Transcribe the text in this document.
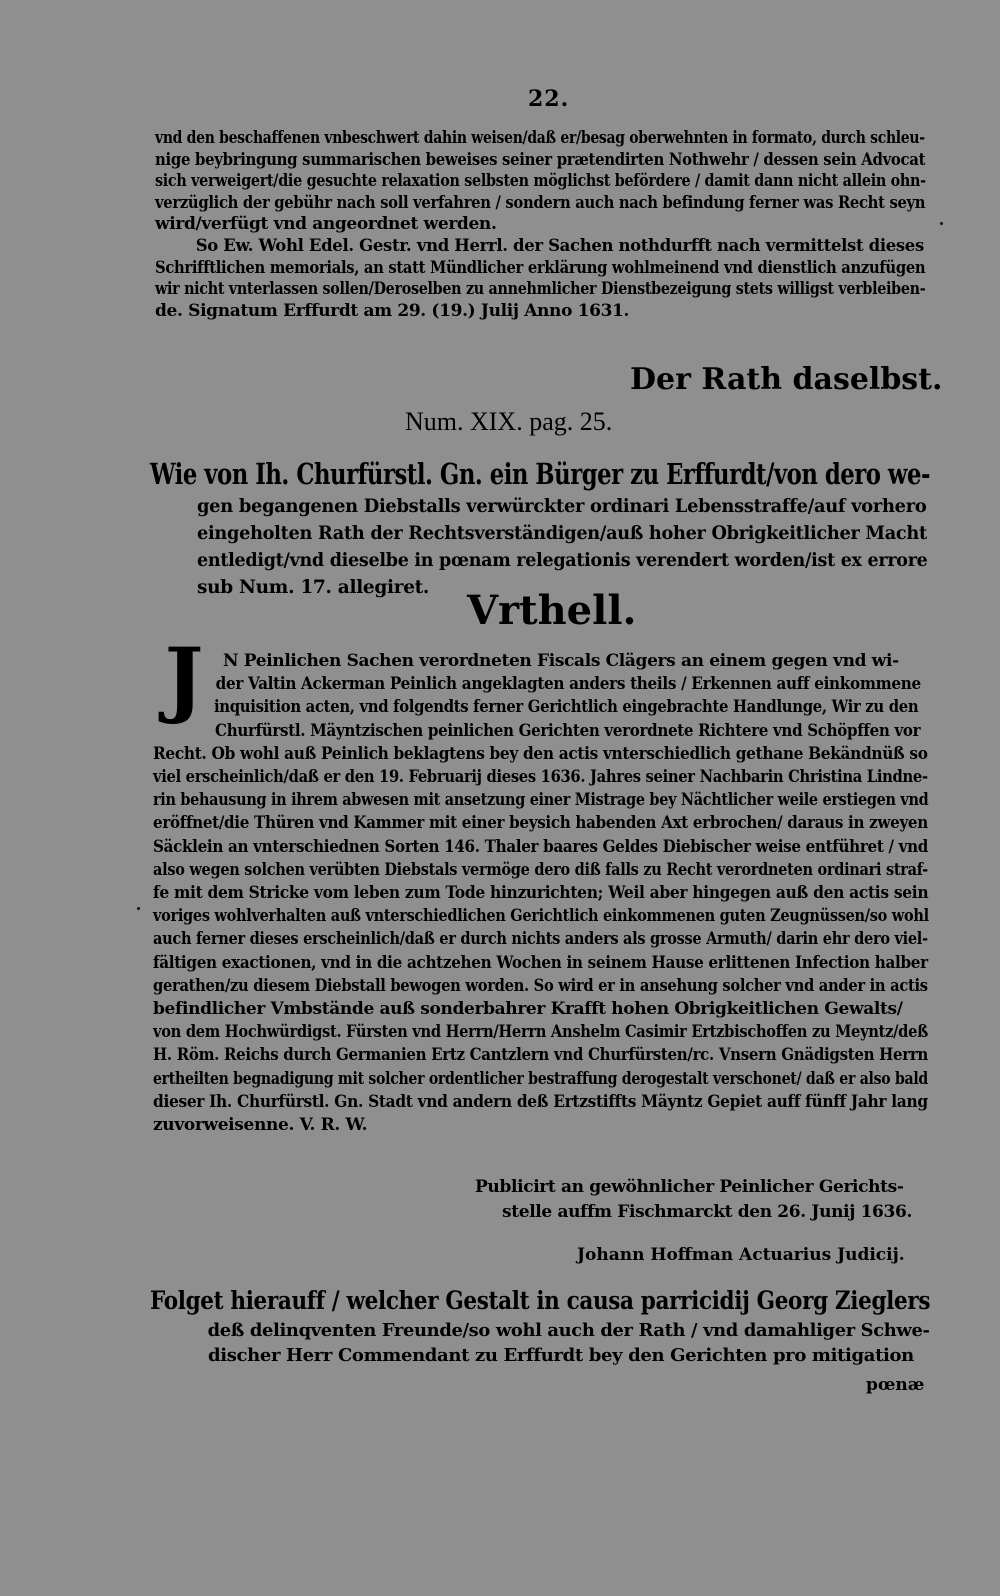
22.
vnd den beschaffenen vnbeschwert dahin weisen/daß er/besag oberwehnten in formato, durch schleu-
nige beybringung summarischen beweises seiner prætendirten Nothwehr / dessen sein Advocat
sich verweigert/die gesuchte relaxation selbsten möglichst befördere / damit dann nicht allein ohn-
verzüglich der gebühr nach soll verfahren / sondern auch nach befindung ferner was Recht seyn
wird/verfügt vnd angeordnet werden.
So Ew. Wohl Edel. Gestr. vnd Herrl. der Sachen nothdurfft nach vermittelst dieses
Schrifftlichen memorials, an statt Mündlicher erklärung wohlmeinend vnd dienstlich anzufügen
wir nicht vnterlassen sollen/Deroselben zu annehmlicher Dienstbezeigung stets willigst verbleiben-
de. Signatum Erffurdt am 29. (19.) Julij Anno 1631.
Der Rath daselbst.
Num. XIX. pag. 25.
Wie von Ih. Churfürstl. Gn. ein Bürger zu Erffurdt/von dero we-
gen begangenen Diebstalls verwürckter ordinari Lebensstraffe/auf vorhero
eingeholten Rath der Rechtsverständigen/auß hoher Obrigkeitlicher Macht
entledigt/vnd dieselbe in pœnam relegationis verendert worden/ist ex errore
sub Num. 17. allegiret. Vrthell.
J	N Peinlichen Sachen verordneten Fiscals Clägers an einem gegen vnd wi-
der Valtin Ackerman Peinlich angeklagten anders theils / Erkennen auff einkommene
inquisition acten, vnd folgendts ferner Gerichtlich eingebrachte Handlunge, Wir zu den
Churfürstl. Mäyntzischen peinlichen Gerichten verordnete Richtere vnd Schöpffen vor
Recht. Ob wohl auß Peinlich beklagtens bey den actis vnterschiedlich gethane Bekändnüß so
viel erscheinlich/daß er den 19. Februarij dieses 1636. Jahres seiner Nachbarin Christina Lindne-
rin behausung in ihrem abwesen mit ansetzung einer Mistrage bey Nächtlicher weile erstiegen vnd
eröffnet/die Thüren vnd Kammer mit einer beysich habenden Axt erbrochen/ daraus in zweyen
Säcklein an vnterschiednen Sorten 146. Thaler baares Geldes Diebischer weise entführet / vnd
also wegen solchen verübten Diebstals vermöge dero diß falls zu Recht verordneten ordinari straf-
fe mit dem Stricke vom leben zum Tode hinzurichten; Weil aber hingegen auß den actis sein
voriges wohlverhalten auß vnterschiedlichen Gerichtlich einkommenen guten Zeugnüssen/so wohl
auch ferner dieses erscheinlich/daß er durch nichts anders als grosse Armuth/ darin ehr dero viel-
fältigen exactionen, vnd in die achtzehen Wochen in seinem Hause erlittenen Infection halber
gerathen/zu diesem Diebstall bewogen worden. So wird er in ansehung solcher vnd ander in actis
befindlicher Vmbstände auß sonderbahrer Krafft hohen Obrigkeitlichen Gewalts/
von dem Hochwürdigst. Fürsten vnd Herrn/Herrn Anshelm Casimir Ertzbischoffen zu Meyntz/deß
H. Röm. Reichs durch Germanien Ertz Cantzlern vnd Churfürsten/rc. Vnsern Gnädigsten Herrn
ertheilten begnadigung mit solcher ordentlicher bestraffung derogestalt verschonet/ daß er also bald
dieser Ih. Churfürstl. Gn. Stadt vnd andern deß Ertzstiffts Mäyntz Gepiet auff fünff Jahr lang
zuvorweisenne. V. R. W.
Publicirt an gewöhnlicher Peinlicher Gerichts-
stelle auffm Fischmarckt den 26. Junij 1636.
Johann Hoffman Actuarius Judicij.
Folget hierauff / welcher Gestalt in causa parricidij Georg Zieglers
deß delinqventen Freunde/so wohl auch der Rath / vnd damahliger Schwe-
discher Herr Commendant zu Erffurdt bey den Gerichten pro mitigation
pœnæ
